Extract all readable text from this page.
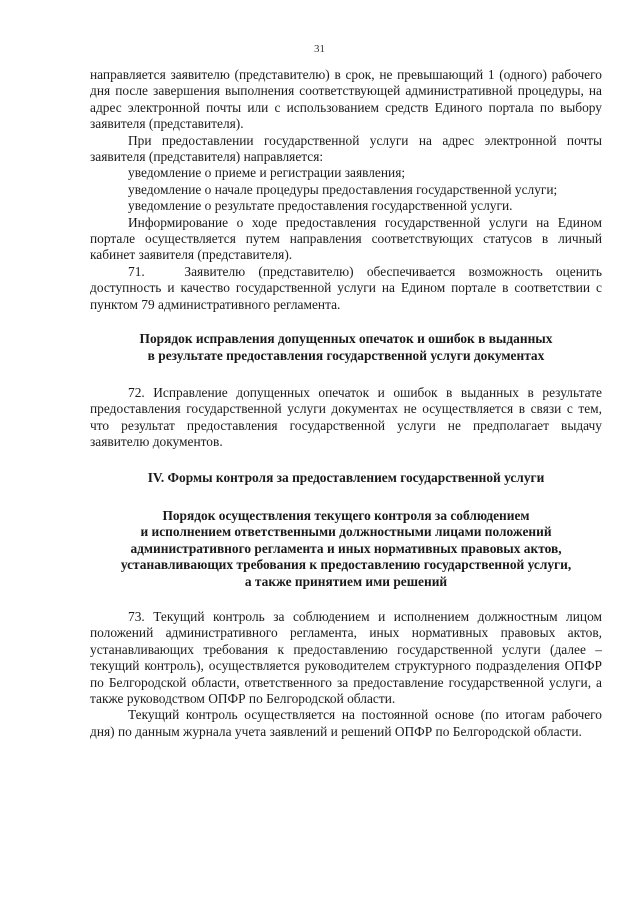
31

направляется заявителю (представителю) в срок, не превышающий 1 (одного) рабочего дня после завершения выполнения соответствующей административной процедуры, на адрес электронной почты или с использованием средств Единого портала по выбору заявителя (представителя).

При предоставлении государственной услуги на адрес электронной почты заявителя (представителя) направляется:

уведомление о приеме и регистрации заявления;

уведомление о начале процедуры предоставления государственной услуги;

уведомление о результате предоставления государственной услуги.

Информирование о ходе предоставления государственной услуги на Едином портале осуществляется путем направления соответствующих статусов в личный кабинет заявителя (представителя).

71.   Заявителю (представителю) обеспечивается возможность оценить доступность и качество государственной услуги на Едином портале в соответствии с пунктом 79 административного регламента.

Порядок исправления допущенных опечаток и ошибок в выданных

в результате предоставления государственной услуги документах

72. Исправление допущенных опечаток и ошибок в выданных в результате предоставления государственной услуги документах не осуществляется в связи с тем, что результат предоставления государственной услуги не предполагает выдачу заявителю документов.

IV. Формы контроля за предоставлением государственной услуги

Порядок осуществления текущего контроля за соблюдением

и исполнением ответственными должностными лицами положений

административного регламента и иных нормативных правовых актов,

устанавливающих требования к предоставлению государственной услуги,

а также принятием ими решений

73. Текущий контроль за соблюдением и исполнением должностным лицом положений административного регламента, иных нормативных правовых актов, устанавливающих требования к предоставлению государственной услуги (далее – текущий контроль), осуществляется руководителем структурного подразделения ОПФР по Белгородской области, ответственного за предоставление государственной услуги, а также руководством ОПФР по Белгородской области.

Текущий контроль осуществляется на постоянной основе (по итогам рабочего дня) по данным журнала учета заявлений и решений ОПФР по Белгородской области.
